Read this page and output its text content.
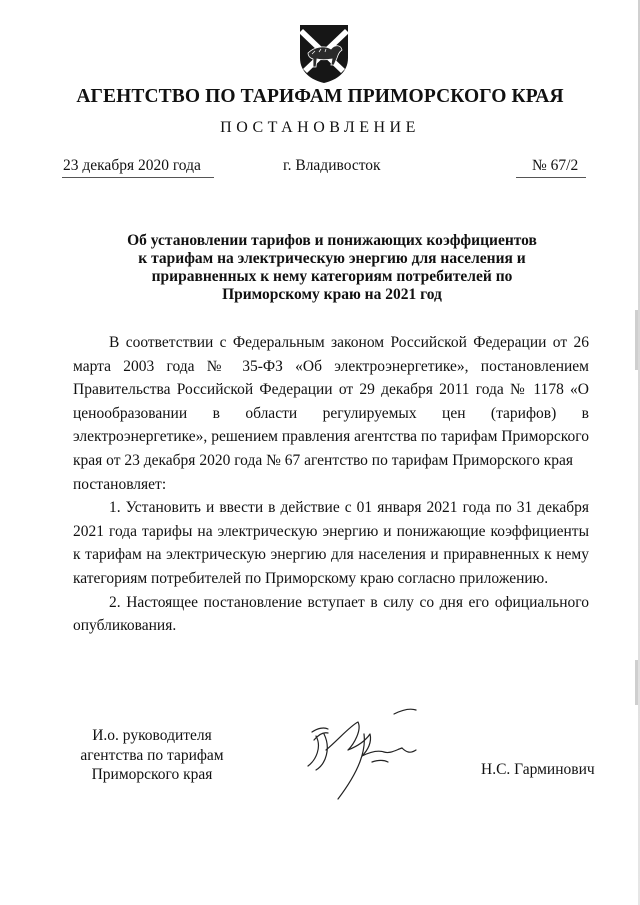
АГЕНТСТВО ПО ТАРИФАМ ПРИМОРСКОГО КРАЯ
ПОСТАНОВЛЕНИЕ
23 декабря 2020 года	г. Владивосток	№ 67/2
Об установлении тарифов и понижающих коэффициентов
к тарифам на электрическую энергию для населения и
приравненных к нему категориям потребителей по
Приморскому краю на 2021 год

В соответствии с Федеральным законом Российской Федерации от 26 марта 2003 года № 35-ФЗ «Об электроэнергетике», постановлением Правительства Российской Федерации от 29 декабря 2011 года № 1178 «О ценообразовании в области регулируемых цен (тарифов) в электроэнергетике», решением правления агентства по тарифам Приморского края от 23 декабря 2020 года № 67 агентство по тарифам Приморского края

постановляет:

1. Установить и ввести в действие с 01 января 2021 года по 31 декабря 2021 года тарифы на электрическую энергию и понижающие коэффициенты к тарифам на электрическую энергию для населения и приравненных к нему категориям потребителей по Приморскому краю согласно приложению.

2. Настоящее постановление вступает в силу со дня его официального опубликования.

И.о. руководителя
агентства по тарифам
Приморского края	Н.С. Гарминович
